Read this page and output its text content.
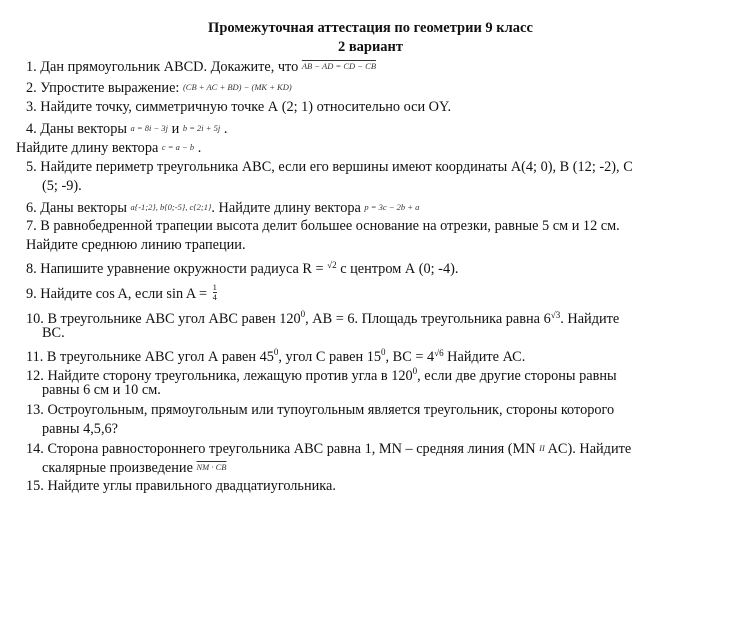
Промежуточная аттестация по геометрии 9 класс
2 вариант
1. Дан прямоугольник ABCD. Докажите, что AB − AD = CD − CB
2. Упростите выражение: (CB + AC + BD) − (MK + KD)
3. Найдите точку, симметричную точке А (2; 1) относительно оси OY.
4. Даны векторы a = 8i − 3j и b = 2i + 5j .
Найдите длину вектора c = a − b .
5. Найдите периметр треугольника АВС, если его вершины имеют координаты А(4; 0), В (12; -2), С
(5; -9).
6. Даны векторы a{-1;2}, b{0;-5}, c{2;1}. Найдите длину вектора p = 3c − 2b + a
7. В равнобедренной трапеции высота делит большее основание на отрезки, равные 5 см и 12 см.
Найдите среднюю линию трапеции.
8. Напишите уравнение окружности радиуса R = $^{√2}$ с центром А (0; -4).
9. Найдите cos A, если $\sin A = \frac{1}{4}$
10. В треугольнике АВС угол АВС равен $120^0$, AB = 6. Площадь треугольника равна $6^{√3}$. Найдите
ВС.
11. В треугольнике АВС угол А равен $45^0$, угол С равен $15^0$, ВС = $4^{√6}$ Найдите АС.
12. Найдите сторону треугольника, лежащую против угла в $120^0$, если две другие стороны равны
равны 6 см и 10 см.
13. Остроугольным, прямоугольным или тупоугольным является треугольник, стороны которого
равны 4,5,6?
14. Сторона равностороннего треугольника АВС равна 1, MN – средняя линия (MN II AC). Найдите
скалярные произведение NM · CB
15. Найдите углы правильного двадцатиугольника.
